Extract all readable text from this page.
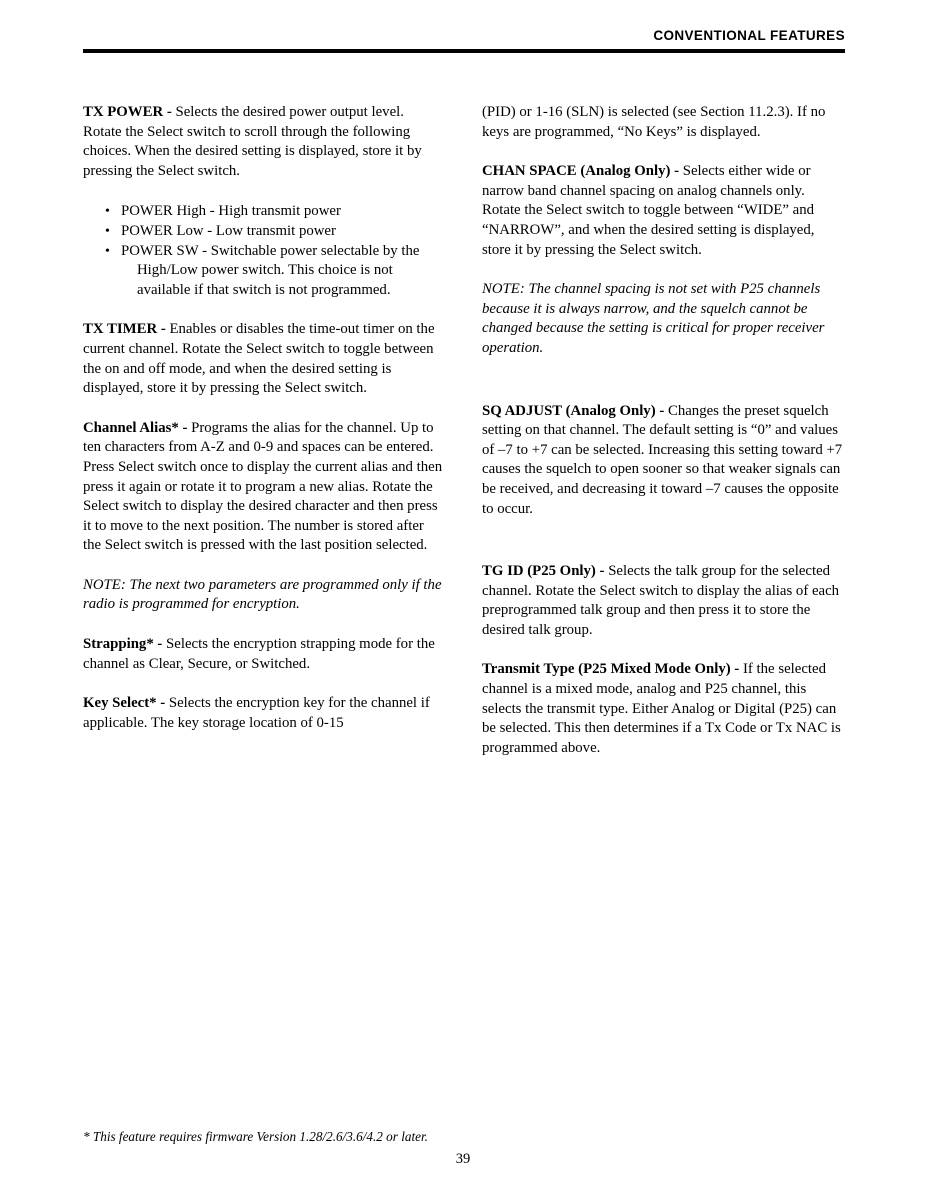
CONVENTIONAL FEATURES

TX POWER - Selects the desired power output level. Rotate the Select switch to scroll through the following choices. When the desired setting is displayed, store it by pressing the Select switch.

• POWER High - High transmit power
• POWER Low - Low transmit power
• POWER SW - Switchable power selectable by the High/Low power switch. This choice is not available if that switch is not programmed.

TX TIMER - Enables or disables the time-out timer on the current channel. Rotate the Select switch to toggle between the on and off mode, and when the desired setting is displayed, store it by pressing the Select switch.

Channel Alias* - Programs the alias for the channel. Up to ten characters from A-Z and 0-9 and spaces can be entered. Press Select switch once to display the current alias and then press it again or rotate it to program a new alias. Rotate the Select switch to display the desired character and then press it to move to the next position. The number is stored after the Select switch is pressed with the last position selected.

NOTE: The next two parameters are programmed only if the radio is programmed for encryption.

Strapping* - Selects the encryption strapping mode for the channel as Clear, Secure, or Switched.

Key Select* - Selects the encryption key for the channel if applicable. The key storage location of 0-15

(PID) or 1-16 (SLN) is selected (see Section 11.2.3). If no keys are programmed, “No Keys” is displayed.

CHAN SPACE (Analog Only) - Selects either wide or narrow band channel spacing on analog channels only. Rotate the Select switch to toggle between “WIDE” and “NARROW”, and when the desired setting is displayed, store it by pressing the Select switch.

NOTE: The channel spacing is not set with P25 channels because it is always narrow, and the squelch cannot be changed because the setting is critical for proper receiver operation.

SQ ADJUST (Analog Only) - Changes the preset squelch setting on that channel. The default setting is “0” and values of –7 to +7 can be selected. Increasing this setting toward +7 causes the squelch to open sooner so that weaker signals can be received, and decreasing it toward –7 causes the opposite to occur.

TG ID (P25 Only) - Selects the talk group for the selected channel. Rotate the Select switch to display the alias of each preprogrammed talk group and then press it to store the desired talk group.

Transmit Type (P25 Mixed Mode Only) - If the selected channel is a mixed mode, analog and P25 channel, this selects the transmit type. Either Analog or Digital (P25) can be selected. This then determines if a Tx Code or Tx NAC is programmed above.

* This feature requires firmware Version 1.28/2.6/3.6/4.2 or later.
39
